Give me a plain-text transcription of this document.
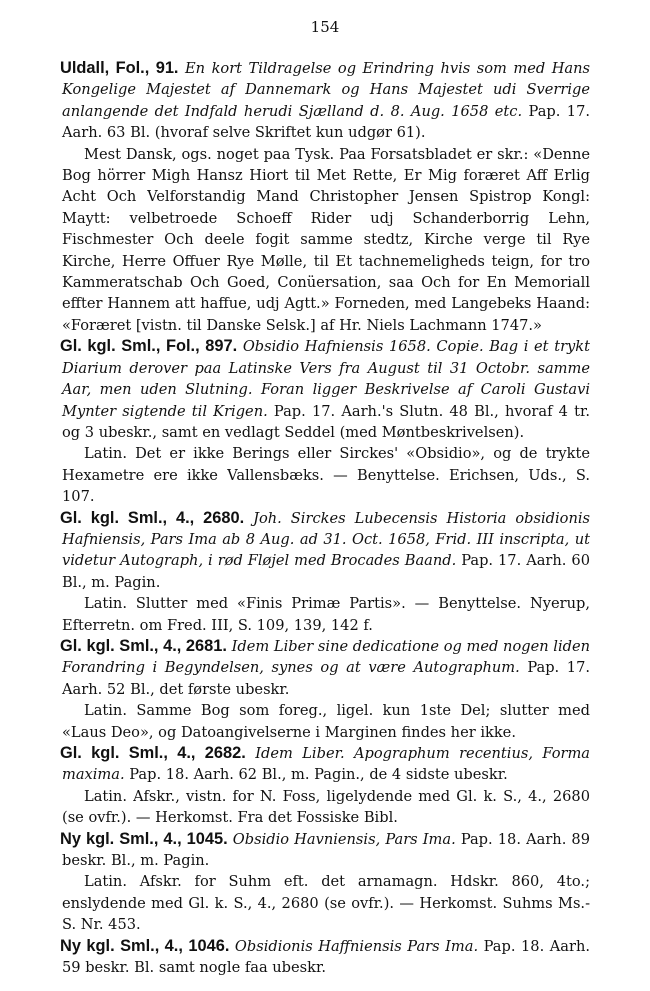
154

Uldall, Fol., 91. En kort Tildragelse og Erindring hvis som med Hans Kongelige Majestet af Dannemark og Hans Majestet udi Sverrige anlangende det Indfald herudi Sjælland d. 8. Aug. 1658 etc. Pap. 17. Aarh. 63 Bl. (hvoraf selve Skriftet kun udgør 61).

Mest Dansk, ogs. noget paa Tysk. Paa Forsatsbladet er skr.: «Denne Bog hörrer Migh Hansz Hiort til Met Rette, Er Mig foræret Aff Erlig Acht Och Velforstandig Mand Christopher Jensen Spistrop Kongl: Maytt: velbetroede Schoeff Rider udj Schanderborrig Lehn, Fischmester Och deele fogit samme stedtz, Kirche verge til Rye Kirche, Herre Offuer Rye Mølle, til Et tachnemeligheds teign, for tro Kammeratschab Och Goed, Conüersation, saa Och for En Memoriall effter Hannem att haffue, udj Agtt.» Forneden, med Langebeks Haand: «Foræret [vistn. til Danske Selsk.] af Hr. Niels Lachmann 1747.»

Gl. kgl. Sml., Fol., 897. Obsidio Hafniensis 1658. Copie. Bag i et trykt Diarium derover paa Latinske Vers fra August til 31 Octobr. samme Aar, men uden Slutning. Foran ligger Beskrivelse af Caroli Gustavi Mynter sigtende til Krigen. Pap. 17. Aarh.'s Slutn. 48 Bl., hvoraf 4 tr. og 3 ubeskr., samt en vedlagt Seddel (med Møntbeskrivelsen).

Latin. Det er ikke Berings eller Sirckes' «Obsidio», og de trykte Hexametre ere ikke Vallensbæks. — Benyttelse. Erichsen, Uds., S. 107.

Gl. kgl. Sml., 4., 2680. Joh. Sirckes Lubecensis Historia obsidionis Hafniensis, Pars Ima ab 8 Aug. ad 31. Oct. 1658, Frid. III inscripta, ut videtur Autograph, i rød Fløjel med Brocades Baand. Pap. 17. Aarh. 60 Bl., m. Pagin.

Latin. Slutter med «Finis Primæ Partis». — Benyttelse. Nyerup, Efterretn. om Fred. III, S. 109, 139, 142 f.

Gl. kgl. Sml., 4., 2681. Idem Liber sine dedicatione og med nogen liden Forandring i Begyndelsen, synes og at være Autographum. Pap. 17. Aarh. 52 Bl., det første ubeskr.

Latin. Samme Bog som foreg., ligel. kun 1ste Del; slutter med «Laus Deo», og Datoangivelserne i Marginen findes her ikke.

Gl. kgl. Sml., 4., 2682. Idem Liber. Apographum recentius, Forma maxima. Pap. 18. Aarh. 62 Bl., m. Pagin., de 4 sidste ubeskr.

Latin. Afskr., vistn. for N. Foss, ligelydende med Gl. k. S., 4., 2680 (se ovfr.). — Herkomst. Fra det Fossiske Bibl.

Ny kgl. Sml., 4., 1045. Obsidio Havniensis, Pars Ima. Pap. 18. Aarh. 89 beskr. Bl., m. Pagin.

Latin. Afskr. for Suhm eft. det arnamagn. Hdskr. 860, 4to.; enslydende med Gl. k. S., 4., 2680 (se ovfr.). — Herkomst. Suhms Ms.-S. Nr. 453.

Ny kgl. Sml., 4., 1046. Obsidionis Haffniensis Pars Ima. Pap. 18. Aarh. 59 beskr. Bl. samt nogle faa ubeskr.
